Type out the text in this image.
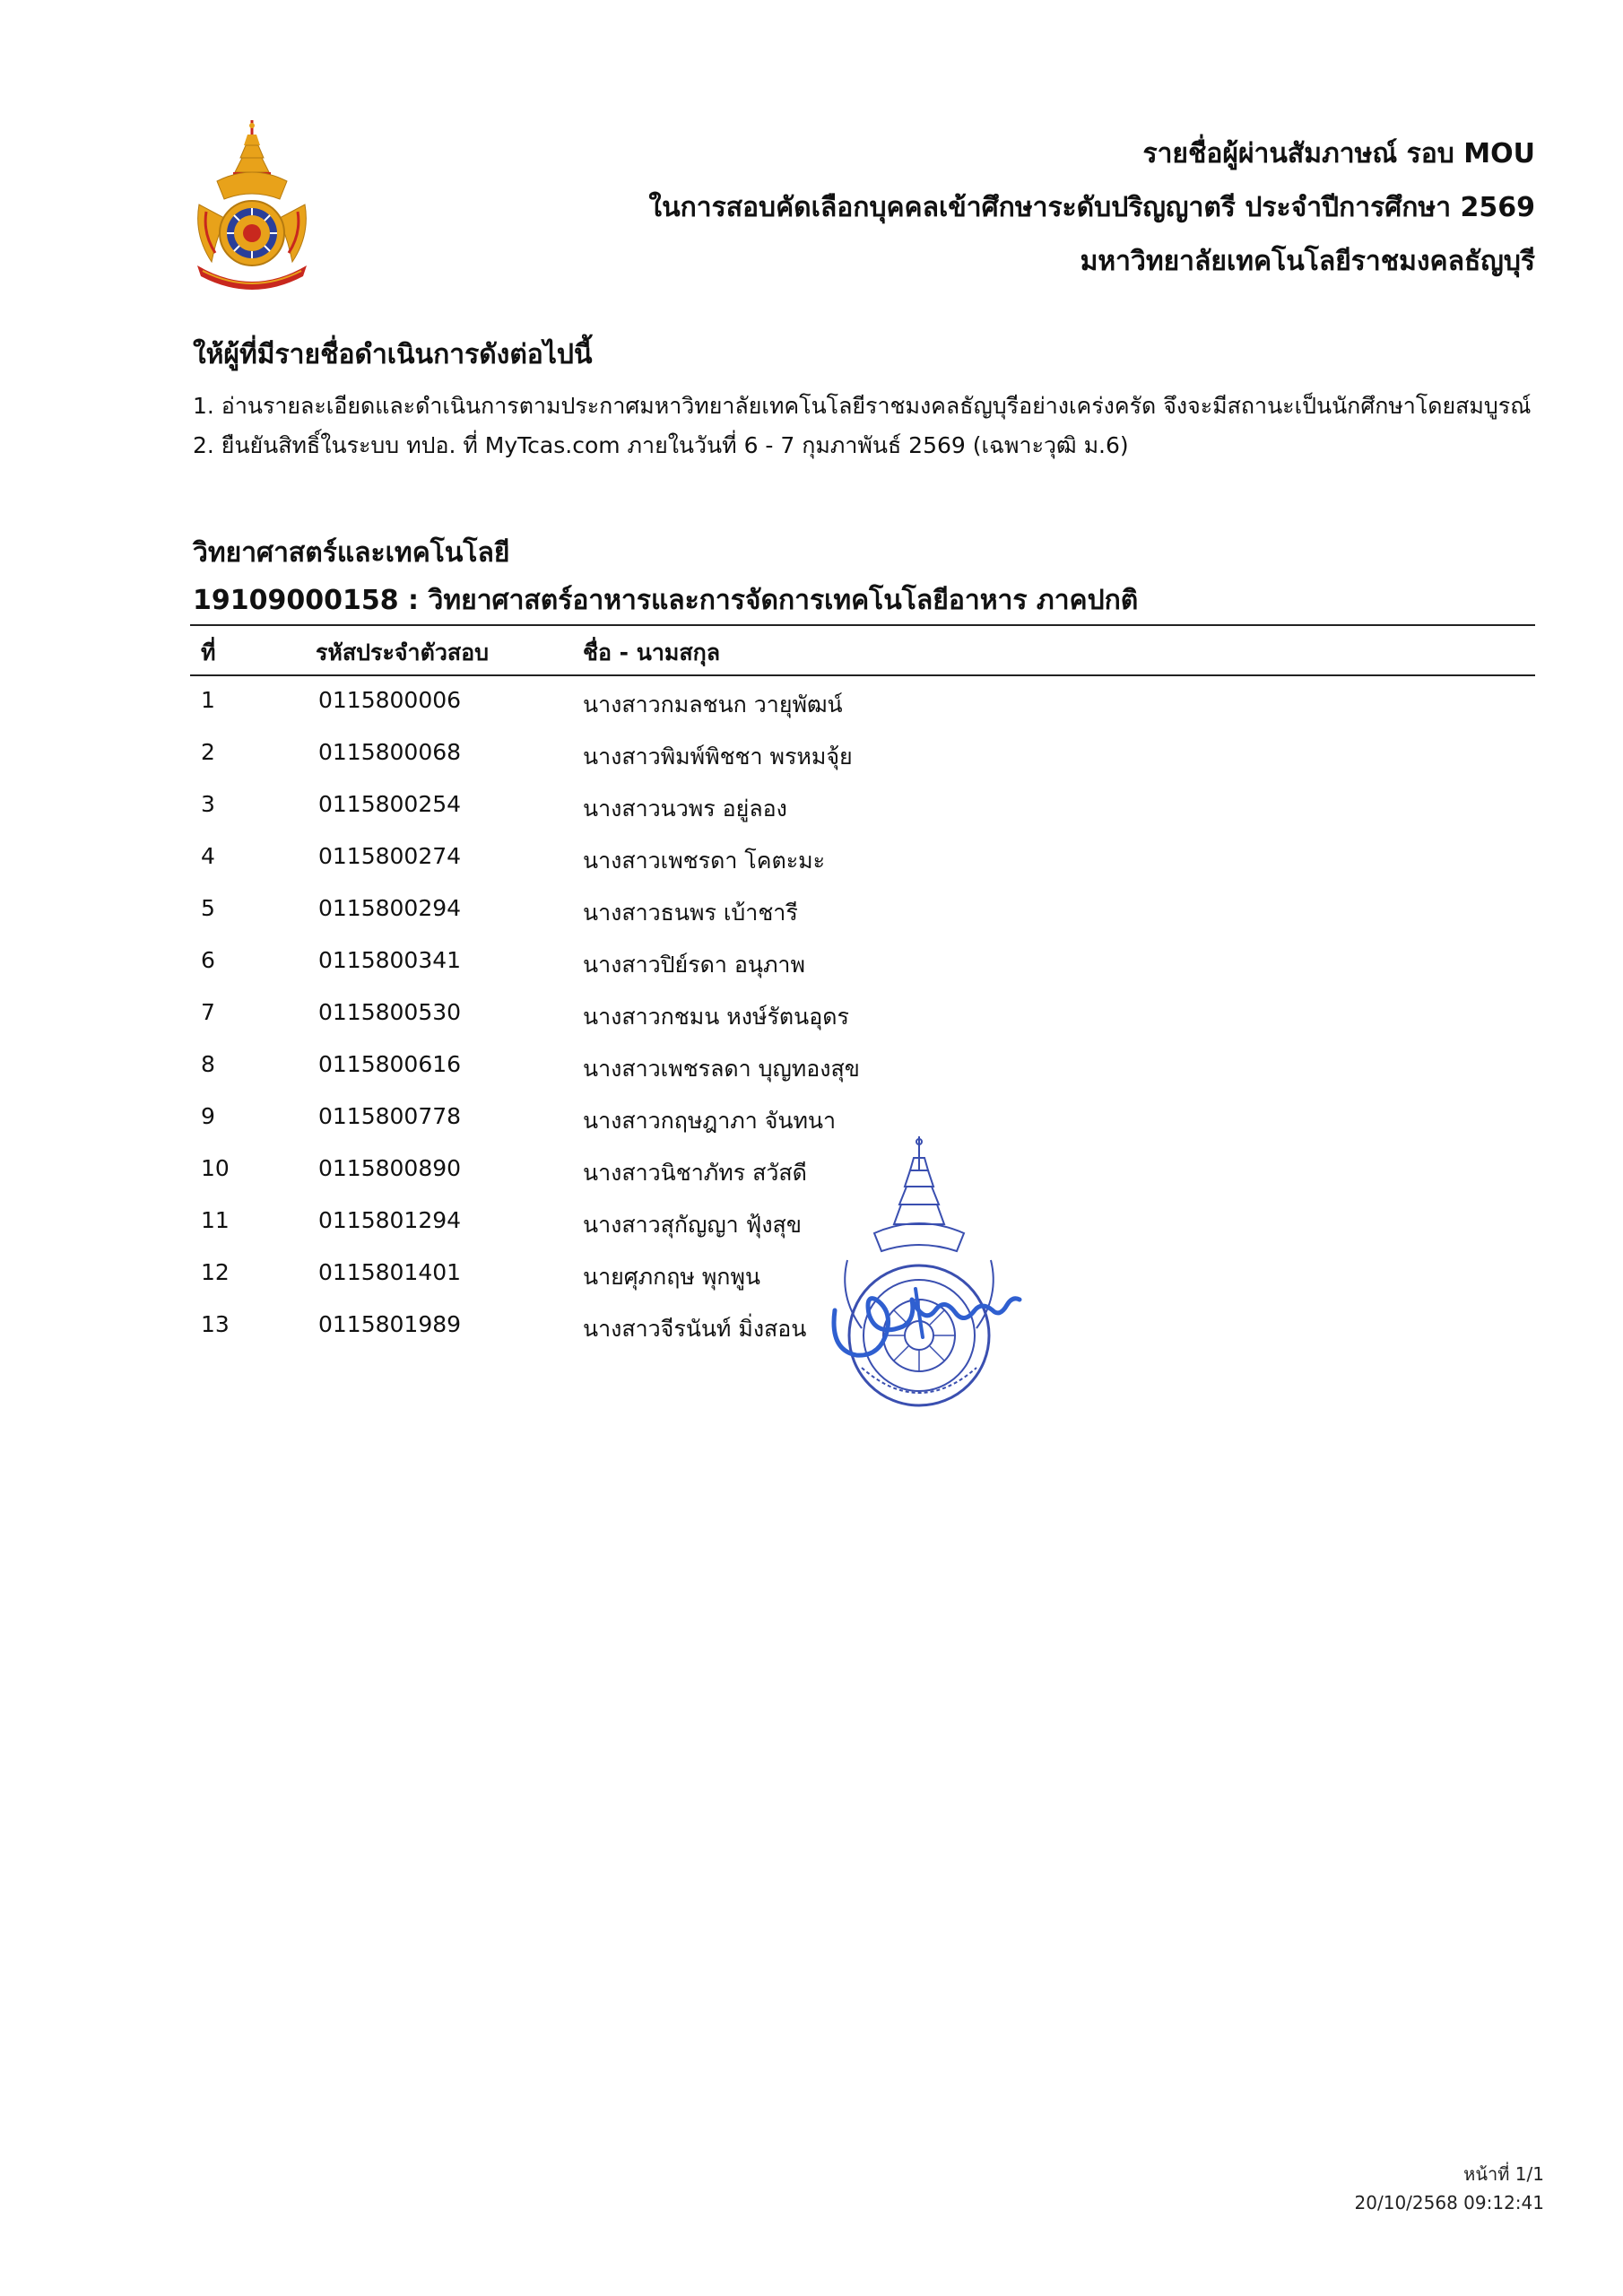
รายชื่อผู้ผ่านสัมภาษณ์ รอบ MOU
ในการสอบคัดเลือกบุคคลเข้าศึกษาระดับปริญญาตรี ประจำปีการศึกษา 2569
มหาวิทยาลัยเทคโนโลยีราชมงคลธัญบุรี
ให้ผู้ที่มีรายชื่อดำเนินการดังต่อไปนี้
1. อ่านรายละเอียดและดำเนินการตามประกาศมหาวิทยาลัยเทคโนโลยีราชมงคลธัญบุรีอย่างเคร่งครัด จึงจะมีสถานะเป็นนักศึกษาโดยสมบูรณ์
2. ยืนยันสิทธิ์ในระบบ ทปอ. ที่ MyTcas.com ภายในวันที่ 6 - 7 กุมภาพันธ์ 2569 (เฉพาะวุฒิ ม.6)
วิทยาศาสตร์และเทคโนโลยี
19109000158 : วิทยาศาสตร์อาหารและการจัดการเทคโนโลยีอาหาร ภาคปกติ
ที่	รหัสประจำตัวสอบ	ชื่อ - นามสกุล
1	0115800006	นางสาวกมลชนก วายุพัฒน์
2	0115800068	นางสาวพิมพ์พิชชา พรหมจุ้ย
3	0115800254	นางสาวนวพร อยู่ลอง
4	0115800274	นางสาวเพชรดา โคตะมะ
5	0115800294	นางสาวธนพร เบ้าชารี
6	0115800341	นางสาวปิย์รดา อนุภาพ
7	0115800530	นางสาวกชมน หงษ์รัตนอุดร
8	0115800616	นางสาวเพชรลดา บุญทองสุข
9	0115800778	นางสาวกฤษฎาภา จันทนา
10	0115800890	นางสาวนิชาภัทร สวัสดี
11	0115801294	นางสาวสุกัญญา ฟุ้งสุข
12	0115801401	นายศุภกฤษ พุกพูน
13	0115801989	นางสาวจีรนันท์ มิ่งสอน
หน้าที่ 1/1
20/10/2568 09:12:41
